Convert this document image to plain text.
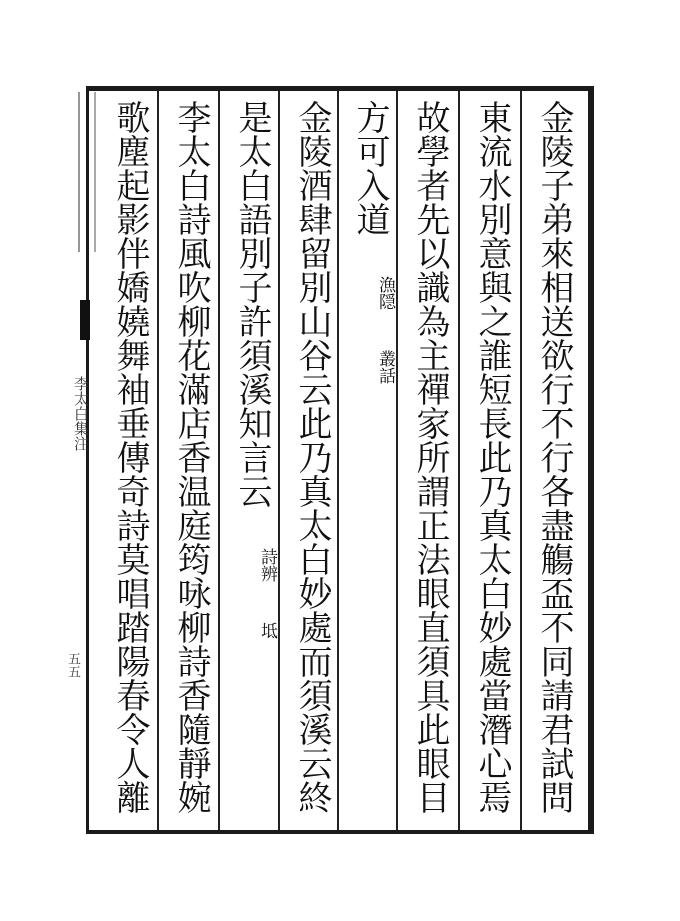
金陵子弟來相送欲行不行各盡觴盃不同請君試問
東流水別意與之誰短長此乃真太白妙處當潛心焉
故學者先以識為主禪家所謂正法眼直須具此眼目
方可入道 漁隠 叢話
金陵酒肆留別山谷云此乃真太白妙處而須溪云終
是太白語別子許須溪知言云 詩辨 坻
李太白詩風吹柳花滿店香温庭筠咏柳詩香隨靜婉
歌塵起影伴嬌嬈舞袖垂傳奇詩莫唱踏陽春令人離
李太白集注
五五
